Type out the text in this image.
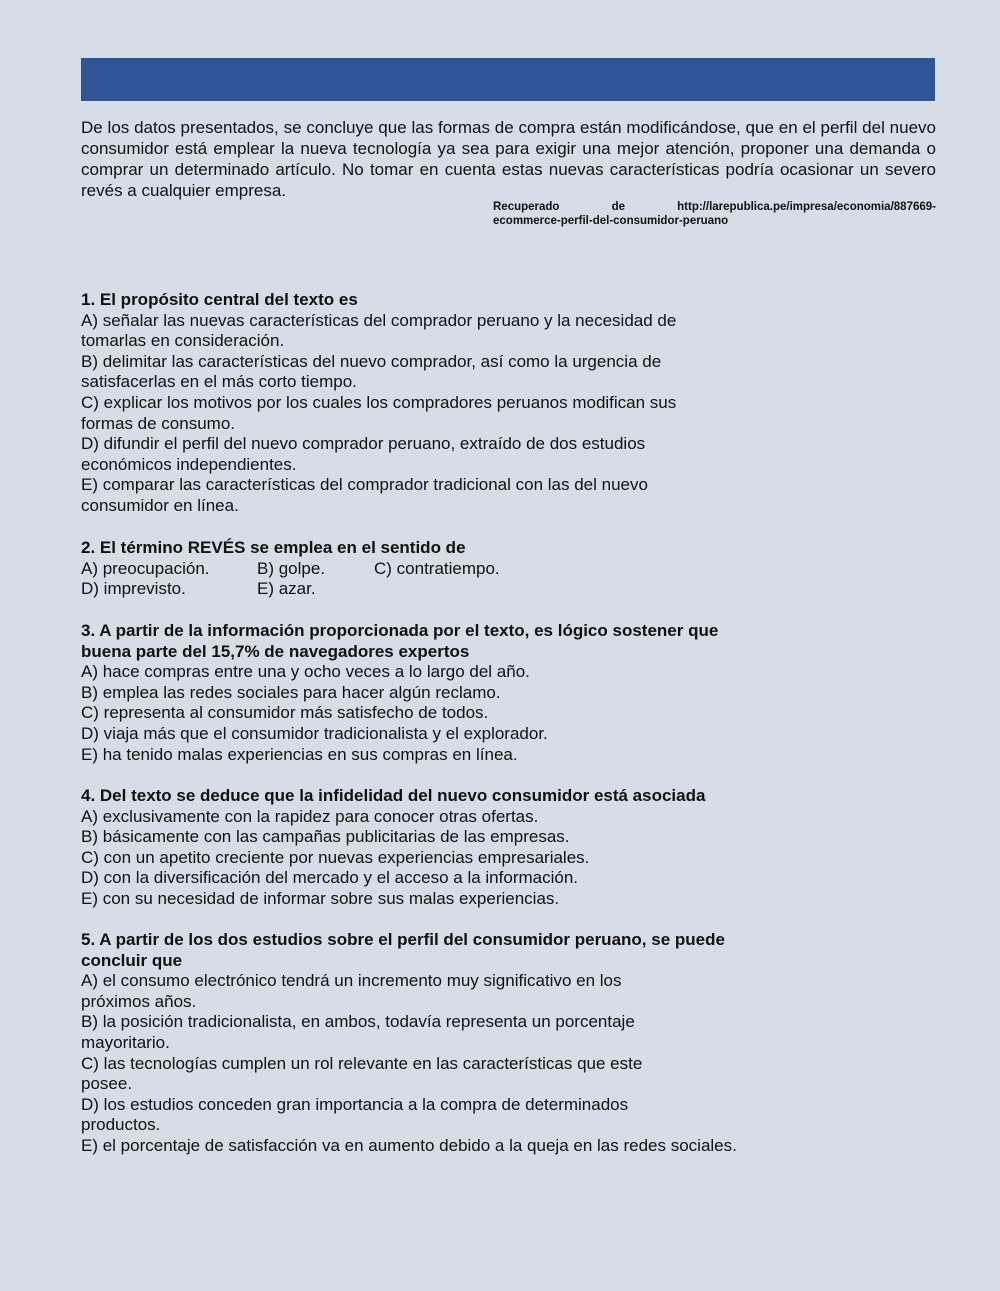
De los datos presentados, se concluye que las formas de compra están modificándose, que en el perfil del nuevo consumidor está emplear la nueva tecnología ya sea para exigir una mejor atención, proponer una demanda o comprar un determinado artículo. No tomar en cuenta estas nuevas características podría ocasionar un severo revés a cualquier empresa.

Recuperado	de	http://larepublica.pe/impresa/economia/887669-
ecommerce-perfil-del-consumidor-peruano
1. El propósito central del texto es
A) señalar las nuevas características del comprador peruano y la necesidad de
tomarlas en consideración.
B) delimitar las características del nuevo comprador, así como la urgencia de
satisfacerlas en el más corto tiempo.
C) explicar los motivos por los cuales los compradores peruanos modifican sus
formas de consumo.
D) difundir el perfil del nuevo comprador peruano, extraído de dos estudios
económicos independientes.
E) comparar las características del comprador tradicional con las del nuevo
consumidor en línea.
2. El término REVÉS se emplea en el sentido de
A) preocupación.	B) golpe.	C) contratiempo.
D) imprevisto.	E) azar.
3. A partir de la información proporcionada por el texto, es lógico sostener que
buena parte del 15,7% de navegadores expertos
A) hace compras entre una y ocho veces a lo largo del año.
B) emplea las redes sociales para hacer algún reclamo.
C) representa al consumidor más satisfecho de todos.
D) viaja más que el consumidor tradicionalista y el explorador.
E) ha tenido malas experiencias en sus compras en línea.
4. Del texto se deduce que la infidelidad del nuevo consumidor está asociada
A) exclusivamente con la rapidez para conocer otras ofertas.
B) básicamente con las campañas publicitarias de las empresas.
C) con un apetito creciente por nuevas experiencias empresariales.
D) con la diversificación del mercado y el acceso a la información.
E) con su necesidad de informar sobre sus malas experiencias.
5. A partir de los dos estudios sobre el perfil del consumidor peruano, se puede
concluir que
A) el consumo electrónico tendrá un incremento muy significativo en los
próximos años.
B) la posición tradicionalista, en ambos, todavía representa un porcentaje
mayoritario.
C) las tecnologías cumplen un rol relevante en las características que este
posee.
D) los estudios conceden gran importancia a la compra de determinados
productos.
E) el porcentaje de satisfacción va en aumento debido a la queja en las redes sociales.
